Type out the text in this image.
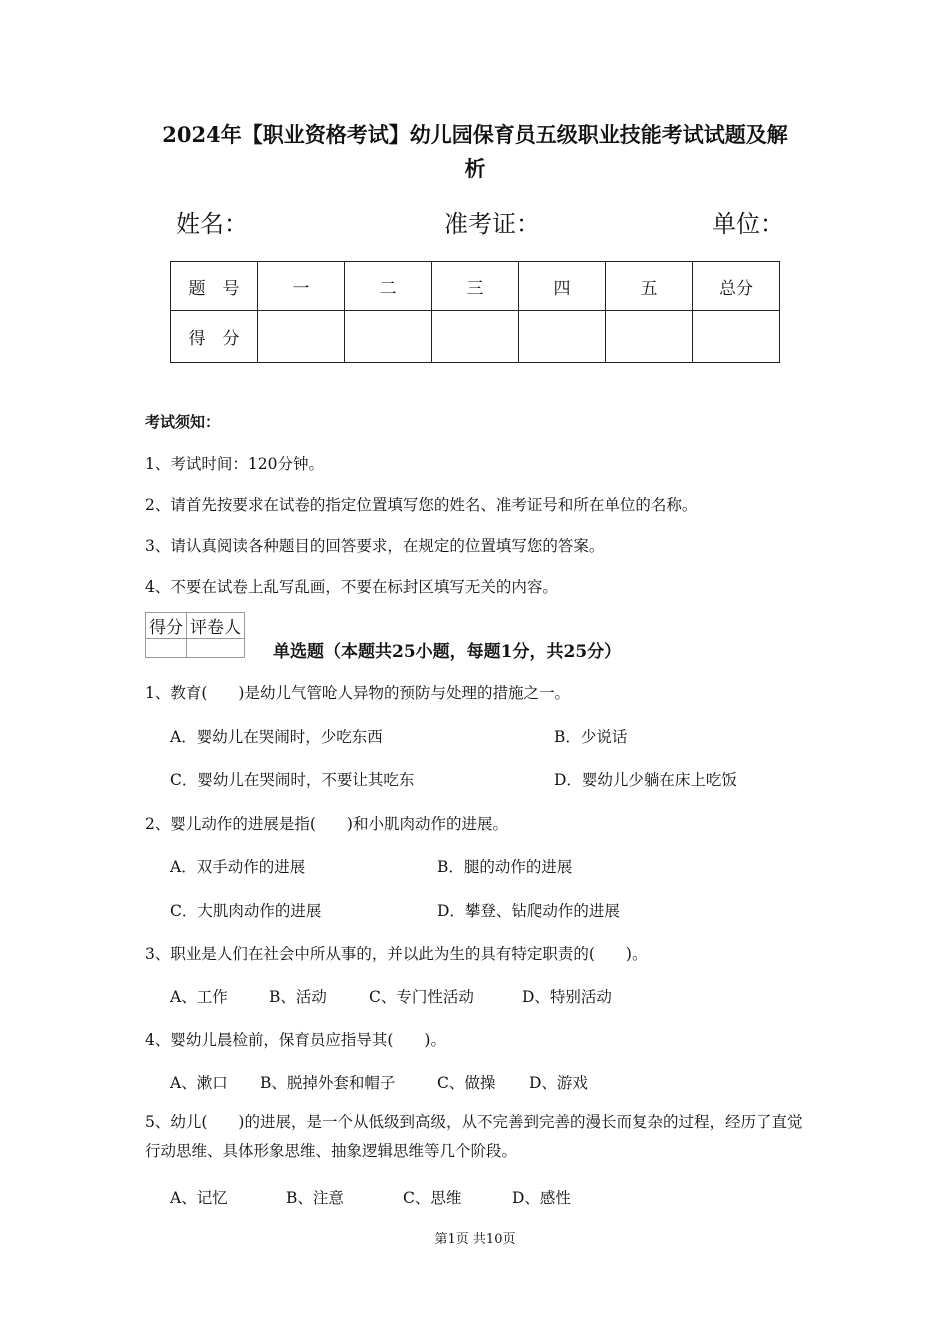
2024年【职业资格考试】幼儿园保育员五级职业技能考试试题及解
析
姓名：	准考证：	单位：
题　号	一	二	三	四	五	总分
得　分						
考试须知：
1、考试时间：120分钟。
2、请首先按要求在试卷的指定位置填写您的姓名、准考证号和所在单位的名称。
3、请认真阅读各种题目的回答要求，在规定的位置填写您的答案。
4、不要在试卷上乱写乱画，不要在标封区填写无关的内容。
得分	评卷人

单选题（本题共25小题，每题1分，共25分）
1、教育(　　)是幼儿气管呛人异物的预防与处理的措施之一。
A．婴幼儿在哭闹时，少吃东西	B．少说话
C．婴幼儿在哭闹时，不要让其吃东	D．婴幼儿少躺在床上吃饭
2、婴儿动作的进展是指(　　)和小肌肉动作的进展。
A．双手动作的进展	B．腿的动作的进展
C．大肌肉动作的进展	D．攀登、钻爬动作的进展
3、职业是人们在社会中所从事的，并以此为生的具有特定职责的(　　)。
A、工作	B、活动	C、专门性活动	D、特别活动
4、婴幼儿晨检前，保育员应指导其(　　)。
A、漱口 B、脱掉外套和帽子	C、做操 D、游戏
5、幼儿(　　)的进展，是一个从低级到高级，从不完善到完善的漫长而复杂的过程，经历了直觉行动思维、具体形象思维、抽象逻辑思维等几个阶段。
A、记忆	B、注意	C、思维	D、感性
第1页 共10页
